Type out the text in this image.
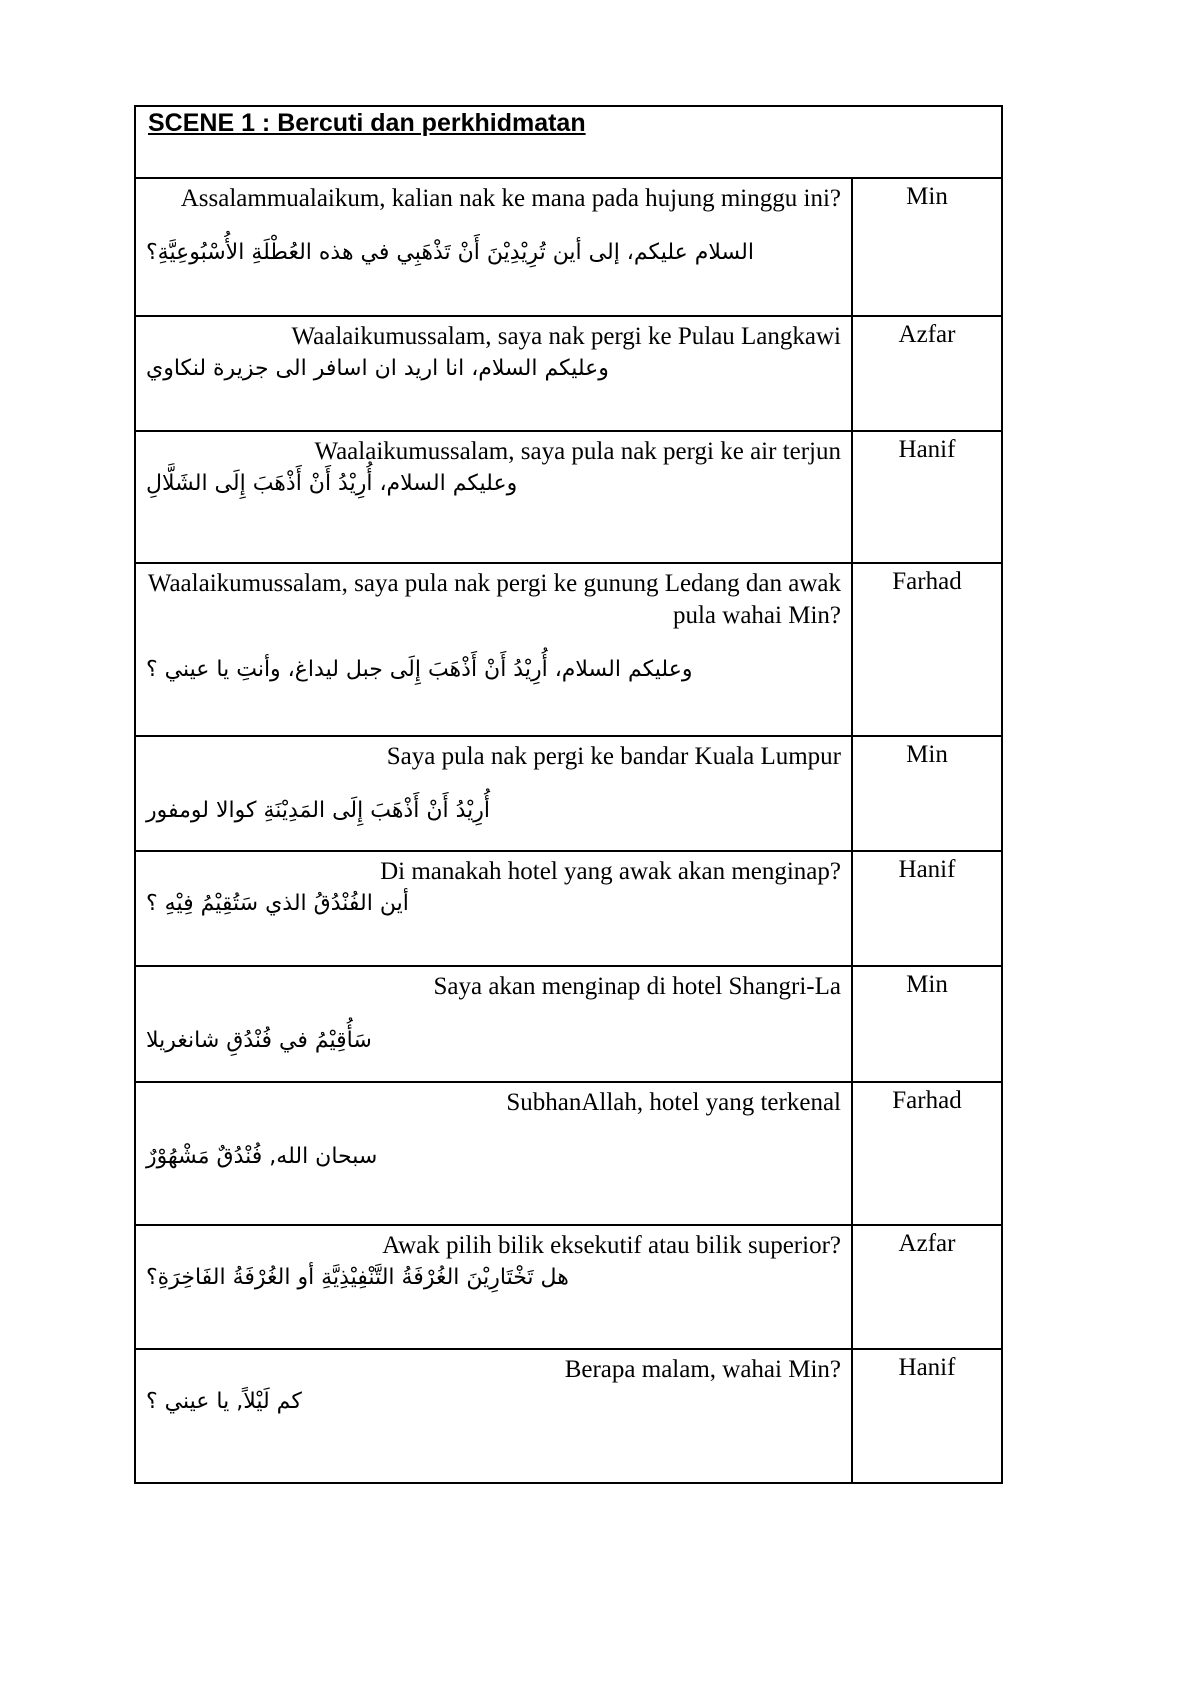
SCENE 1 : Bercuti dan perkhidmatan
Assalammualaikum, kalian nak ke mana pada hujung minggu ini?
السلام عليكم، إلى أين تُرِيْدِيْنَ أَنْ تَذْهَبِي في هذه العُطْلَةِ الأُسْبُوعِيَّةِ؟
Min
Waalaikumussalam, saya nak pergi ke Pulau Langkawi
وعليكم السلام، انا اريد ان اسافر الى جزيرة لنكاوي
Azfar
Waalaikumussalam, saya pula nak pergi ke air terjun
وعليكم السلام، أُرِيْدُ أَنْ أَذْهَبَ إِلَى الشَلَّالِ
Hanif
Waalaikumussalam, saya pula nak pergi ke gunung Ledang dan awak pula wahai Min?
وعليكم السلام، أُرِيْدُ أَنْ أَذْهَبَ إِلَى جبل ليداغ، وأنتِ يا عيني ؟
Farhad
Saya pula nak pergi ke bandar Kuala Lumpur
أُرِيْدُ أَنْ أَذْهَبَ إِلَى المَدِيْنَةِ كوالا لومفور
Min
Di manakah hotel yang awak akan menginap?
أين الفُنْدُقُ الذي سَتُقِيْمُ فِيْهِ ؟
Hanif
Saya akan menginap di hotel Shangri-La
سَأُقِيْمُ في فُنْدُقِ شانغريلا
Min
SubhanAllah, hotel yang terkenal
سبحان الله, فُنْدُقٌ مَشْهُوْرٌ
Farhad
Awak pilih bilik eksekutif atau bilik superior?
هل تَخْتَارِيْنَ الغُرْفَةُ التَّنْفِيْذِيَّةِ أو الغُرْفَةُ الفَاخِرَةِ؟
Azfar
Berapa malam, wahai Min?
كم لَيْلاً, يا عيني ؟
Hanif
